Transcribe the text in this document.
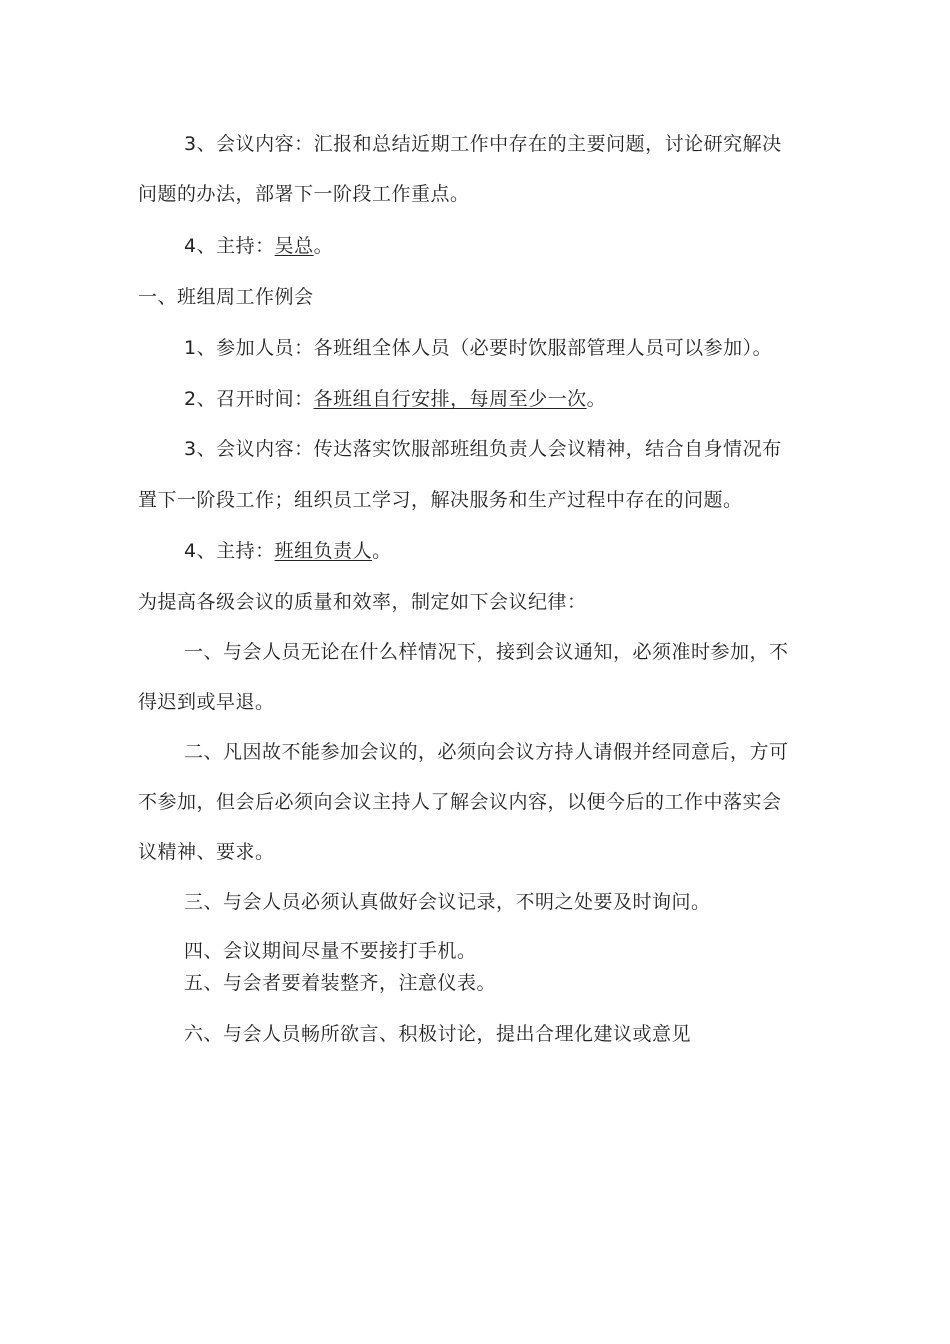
3、会议内容：汇报和总结近期工作中存在的主要问题，讨论研究解决
问题的办法，部署下一阶段工作重点。
4、主持：吴总。
一、班组周工作例会
1、参加人员：各班组全体人员（必要时饮服部管理人员可以参加）。
2、召开时间：各班组自行安排，每周至少一次。
3、会议内容：传达落实饮服部班组负责人会议精神，结合自身情况布
置下一阶段工作；组织员工学习，解决服务和生产过程中存在的问题。
4、主持：班组负责人。
为提高各级会议的质量和效率，制定如下会议纪律：
一、与会人员无论在什么样情况下，接到会议通知，必须准时参加，不
得迟到或早退。
二、凡因故不能参加会议的，必须向会议方持人请假并经同意后，方可
不参加，但会后必须向会议主持人了解会议内容，以便今后的工作中落实会
议精神、要求。
三、与会人员必须认真做好会议记录，不明之处要及时询问。
四、会议期间尽量不要接打手机。
五、与会者要着装整齐，注意仪表。
六、与会人员畅所欲言、积极讨论，提出合理化建议或意见
